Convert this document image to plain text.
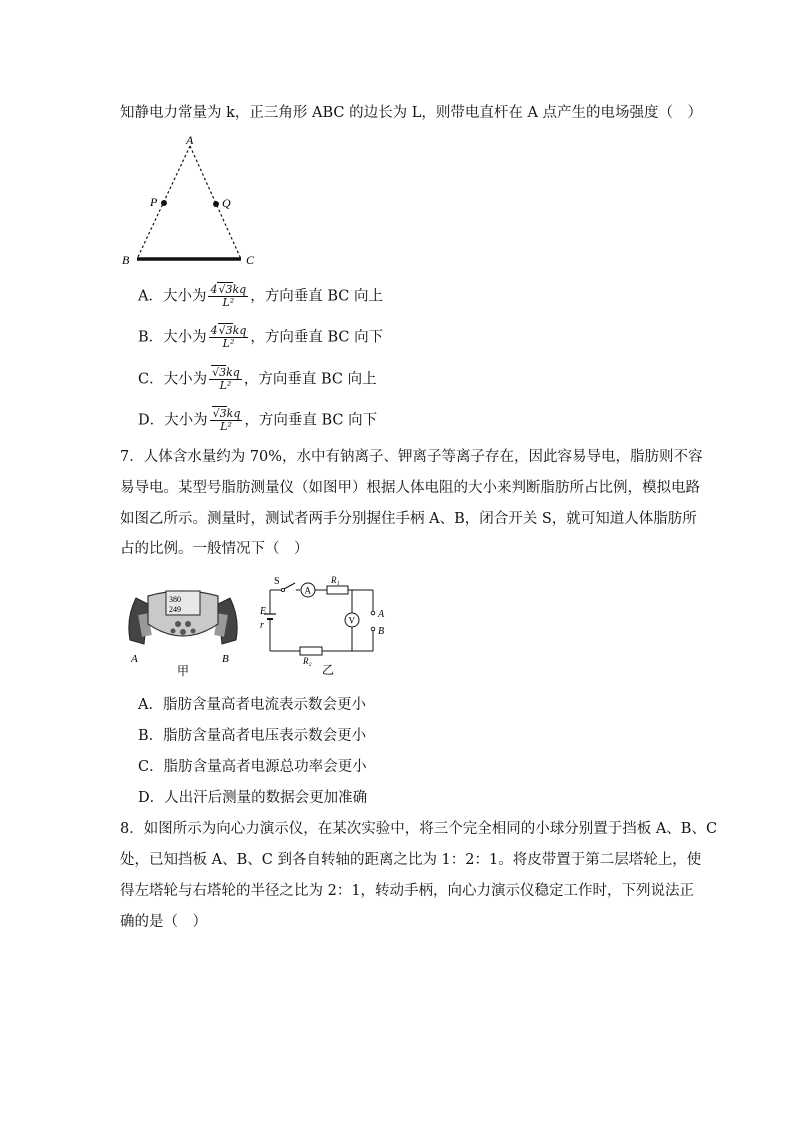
知静电力常量为 k，正三角形 ABC 的边长为 L，则带电直杆在 A 点产生的电场强度（　）
A
P	Q
B	C
A．大小为 $\frac{4√3kq}{\text{L²}}$ ，方向垂直 BC 向上
B．大小为 $\frac{4√3kq}{\text{L²}}$ ，方向垂直 BC 向下
C．大小为 $\frac{√3kq}{\text{L²}}$ ，方向垂直 BC 向上
D．大小为 $\frac{√3kq}{\text{L²}}$ ，方向垂直 BC 向下
7．人体含水量约为 70%，水中有钠离子、钾离子等离子存在，因此容易导电，脂肪则不容
易导电。某型号脂肪测量仪（如图甲）根据人体电阻的大小来判断脂肪所占比例，模拟电路
如图乙所示。测量时，测试者两手分别握住手柄 A、B，闭合开关 S，就可知道人体脂肪所
占的比例。一般情况下（　）
380
249
A	B
甲
A
V
S	R₁
E
r
A
B
R₂
乙
A．脂肪含量高者电流表示数会更小
B．脂肪含量高者电压表示数会更小
C．脂肪含量高者电源总功率会更小
D．人出汗后测量的数据会更加准确
8．如图所示为向心力演示仪，在某次实验中，将三个完全相同的小球分别置于挡板 A、B、C
处，已知挡板 A、B、C 到各自转轴的距离之比为 1：2：1。将皮带置于第二层塔轮上，使
得左塔轮与右塔轮的半径之比为 2：1，转动手柄，向心力演示仪稳定工作时，下列说法正
确的是（　）
